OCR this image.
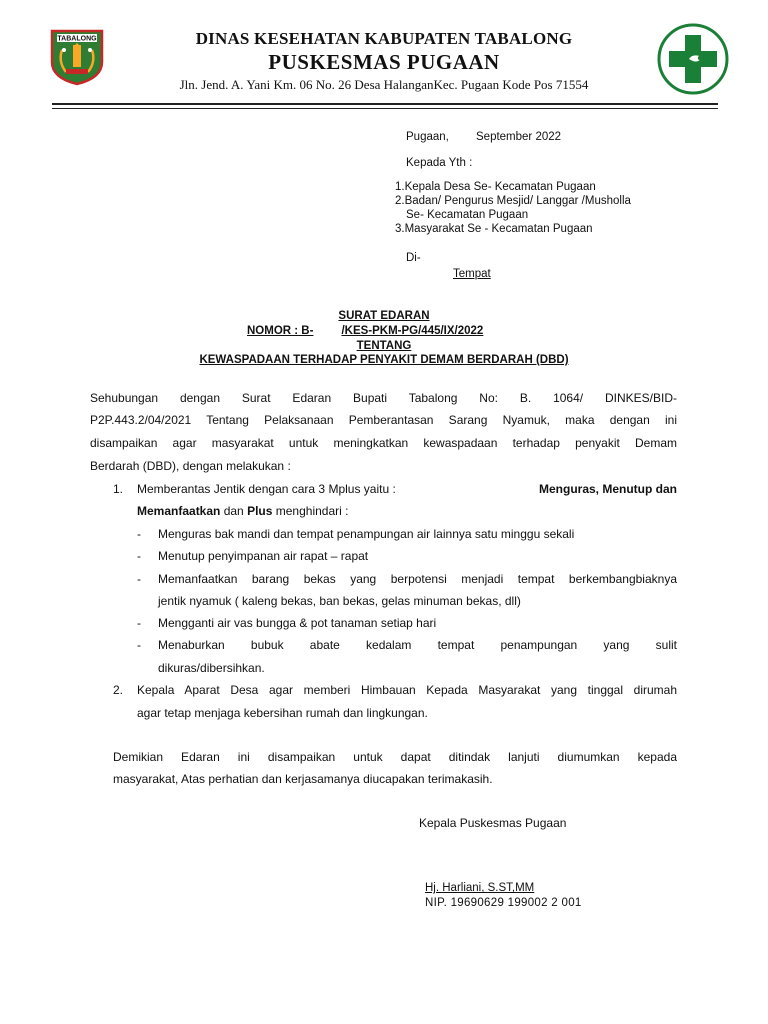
TABALONG	DINAS KESEHATAN KABUPATEN TABALONG
PUSKESMAS PUGAAN
Jln. Jend. A. Yani Km. 06 No. 26 Desa HalanganKec. Pugaan Kode Pos 71554
Pugaan, September 2022
Kepada Yth :
1.Kepala Desa Se- Kecamatan Pugaan
2.Badan/ Pengurus Mesjid/ Langgar /Musholla
Se- Kecamatan Pugaan
3.Masyarakat Se - Kecamatan Pugaan
Di-
Tempat
SURAT EDARAN
NOMOR : B- /KES-PKM-PG/445/IX/2022
TENTANG
KEWASPADAAN TERHADAP PENYAKIT DEMAM BERDARAH (DBD)
Sehubungan dengan Surat Edaran Bupati Tabalong No: B. 1064/ DINKES/BID-
P2P.443.2/04/2021 Tentang Pelaksanaan Pemberantasan Sarang Nyamuk, maka dengan ini
disampaikan agar masyarakat untuk meningkatkan kewaspadaan terhadap penyakit Demam
Berdarah (DBD), dengan melakukan :
1. Memberantas Jentik dengan cara 3 Mplus yaitu :	Menguras, Menutup dan
Memanfaatkan dan Plus menghindari :
- Menguras bak mandi dan tempat penampungan air lainnya satu minggu sekali
- Menutup penyimpanan air rapat – rapat
- Memanfaatkan barang bekas yang berpotensi menjadi tempat berkembangbiaknya
jentik nyamuk ( kaleng bekas, ban bekas, gelas minuman bekas, dll)
- Mengganti air vas bungga & pot tanaman setiap hari
- Menaburkan bubuk abate kedalam tempat penampungan yang sulit
dikuras/dibersihkan.
2. Kepala Aparat Desa agar memberi Himbauan Kepada Masyarakat yang tinggal dirumah
agar tetap menjaga kebersihan rumah dan lingkungan.
Demikian Edaran ini disampaikan untuk dapat ditindak lanjuti diumumkan kepada
masyarakat, Atas perhatian dan kerjasamanya diucapakan terimakasih.
Kepala Puskesmas Pugaan
Hj. Harliani, S.ST,MM
NIP. 19690629 199002 2 001
